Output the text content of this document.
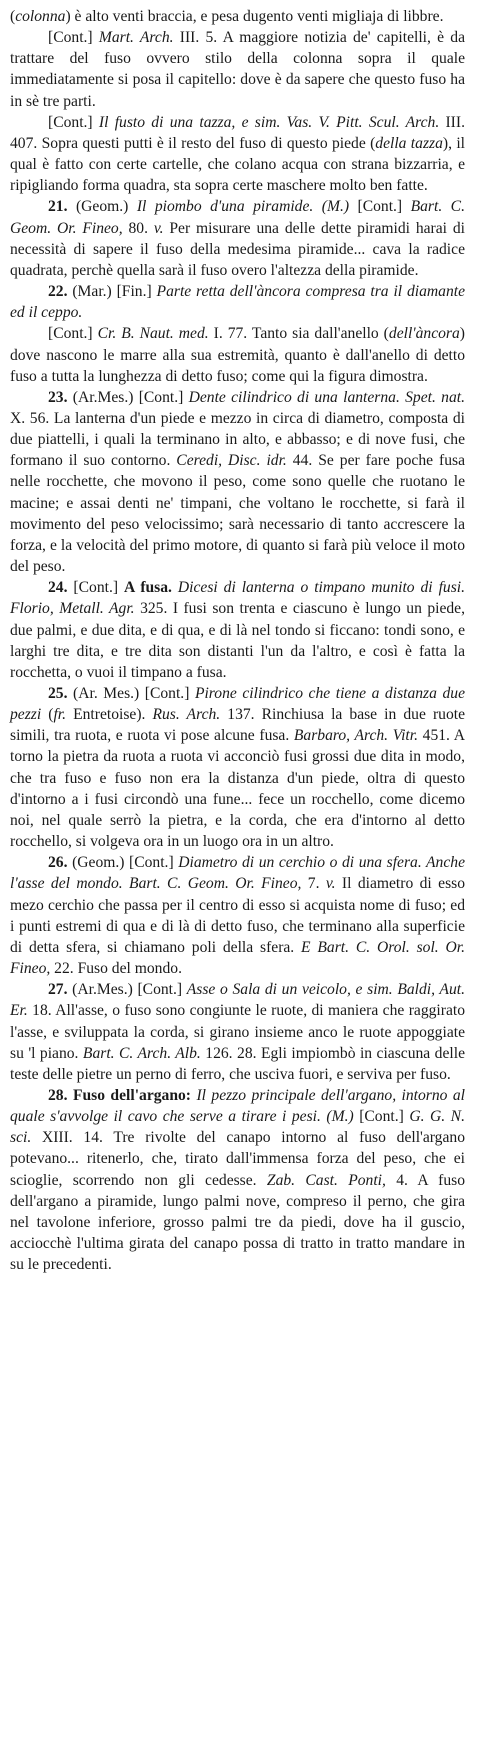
(colonna) è alto venti braccia, e pesa dugento venti migliaja di libbre.

[Cont.] Mart. Arch. III. 5. A maggiore notizia de' capitelli, è da trattare del fuso ovvero stilo della colonna sopra il quale immediatamente si posa il capitello: dove è da sapere che questo fuso ha in sè tre parti.

[Cont.] Il fusto di una tazza, e sim. Vas. V. Pitt. Scul. Arch. III. 407. Sopra questi putti è il resto del fuso di questo piede (della tazza), il qual è fatto con certe cartelle, che colano acqua con strana bizzarria, e ripigliando forma quadra, sta sopra certe maschere molto ben fatte.

21. (Geom.) Il piombo d'una piramide. (M.) [Cont.] Bart. C. Geom. Or. Fineo, 80. v. Per misurare una delle dette piramidi harai di necessità di sapere il fuso della medesima piramide... cava la radice quadrata, perchè quella sarà il fuso overo l'altezza della piramide.

22. (Mar.) [Fin.] Parte retta dell'àncora compresa tra il diamante ed il ceppo.

[Cont.] Cr. B. Naut. med. I. 77. Tanto sia dall'anello (dell'àncora) dove nascono le marre alla sua estremità, quanto è dall'anello di detto fuso a tutta la lunghezza di detto fuso; come qui la figura dimostra.

23. (Ar.Mes.) [Cont.] Dente cilindrico di una lanterna. Spet. nat. X. 56. La lanterna d'un piede e mezzo in circa di diametro, composta di due piattelli, i quali la terminano in alto, e abbasso; e di nove fusi, che formano il suo contorno. Ceredi, Disc. idr. 44. Se per fare poche fusa nelle rocchette, che movono il peso, come sono quelle che ruotano le macine; e assai denti ne' timpani, che voltano le rocchette, si farà il movimento del peso velocissimo; sarà necessario di tanto accrescere la forza, e la velocità del primo motore, di quanto si farà più veloce il moto del peso.

24. [Cont.] A fusa. Dicesi di lanterna o timpano munito di fusi. Florio, Metall. Agr. 325. I fusi son trenta e ciascuno è lungo un piede, due palmi, e due dita, e di qua, e di là nel tondo si ficcano: tondi sono, e larghi tre dita, e tre dita son distanti l'un da l'altro, e così è fatta la rocchetta, o vuoi il timpano a fusa.

25. (Ar. Mes.) [Cont.] Pirone cilindrico che tiene a distanza due pezzi (fr. Entretoise). Rus. Arch. 137. Rinchiusa la base in due ruote simili, tra ruota, e ruota vi pose alcune fusa. Barbaro, Arch. Vitr. 451. A torno la pietra da ruota a ruota vi acconciò fusi grossi due dita in modo, che tra fuso e fuso non era la distanza d'un piede, oltra di questo d'intorno a i fusi circondò una fune... fece un rocchello, come dicemo noi, nel quale serrò la pietra, e la corda, che era d'intorno al detto rocchello, si volgeva ora in un luogo ora in un altro.

26. (Geom.) [Cont.] Diametro di un cerchio o di una sfera. Anche l'asse del mondo. Bart. C. Geom. Or. Fineo, 7. v. Il diametro di esso mezo cerchio che passa per il centro di esso si acquista nome di fuso; ed i punti estremi di qua e di là di detto fuso, che terminano alla superficie di detta sfera, si chiamano poli della sfera. E Bart. C. Orol. sol. Or. Fineo, 22. Fuso del mondo.

27. (Ar.Mes.) [Cont.] Asse o Sala di un veicolo, e sim. Baldi, Aut. Er. 18. All'asse, o fuso sono congiunte le ruote, di maniera che raggirato l'asse, e sviluppata la corda, si girano insieme anco le ruote appoggiate su 'l piano. Bart. C. Arch. Alb. 126. 28. Egli impiombò in ciascuna delle teste delle pietre un perno di ferro, che usciva fuori, e serviva per fuso.

28. Fuso dell'argano: Il pezzo principale dell'argano, intorno al quale s'avvolge il cavo che serve a tirare i pesi. (M.) [Cont.] G. G. N. sci. XIII. 14. Tre rivolte del canapo intorno al fuso dell'argano potevano... ritenerlo, che, tirato dall'immensa forza del peso, che ei scioglie, scorrendo non gli cedesse. Zab. Cast. Ponti, 4. A fuso dell'argano a piramide, lungo palmi nove, compreso il perno, che gira nel tavolone inferiore, grosso palmi tre da piedi, dove ha il guscio, acciocchè l'ultima girata del canapo possa di tratto in tratto mandare in su le precedenti.
